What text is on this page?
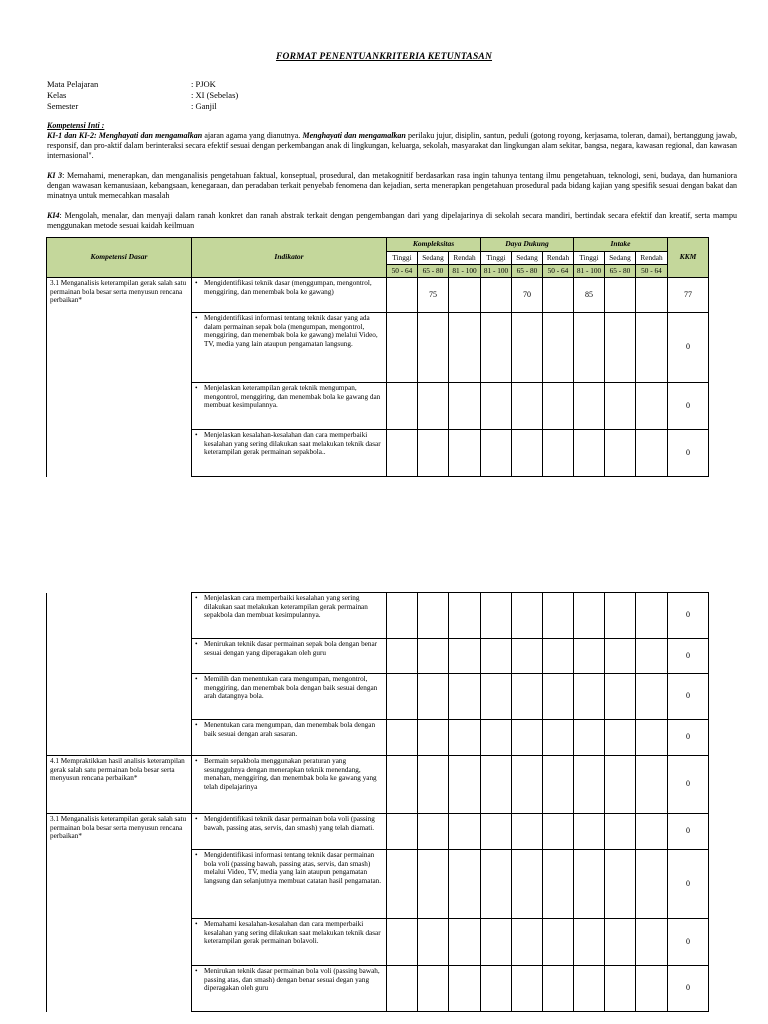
FORMAT PENENTUANKRITERIA KETUNTASAN
Mata Pelajaran	: PJOK
Kelas	: XI (Sebelas)
Semester	: Ganjil
Kompetensi Inti :
KI-1 dan KI-2: Menghayati dan mengamalkan ajaran agama yang dianutnya. Menghayati dan mengamalkan perilaku jujur, disiplin, santun, peduli (gotong royong, kerjasama, toleran, damai), bertanggung jawab, responsif, dan pro-aktif dalam berinteraksi secara efektif sesuai dengan perkembangan anak di lingkungan, keluarga, sekolah, masyarakat dan lingkungan alam sekitar, bangsa, negara, kawasan regional, dan kawasan internasional".
KI 3: Memahami, menerapkan, dan menganalisis pengetahuan faktual, konseptual, prosedural, dan metakognitif berdasarkan rasa ingin tahunya tentang ilmu pengetahuan, teknologi, seni, budaya, dan humaniora dengan wawasan kemanusiaan, kebangsaan, kenegaraan, dan peradaban terkait penyebab fenomena dan kejadian, serta menerapkan pengetahuan prosedural pada bidang kajian yang spesifik sesuai dengan bakat dan minatnya untuk memecahkan masalah
KI4: Mengolah, menalar, dan menyaji dalam ranah konkret dan ranah abstrak terkait dengan pengembangan dari yang dipelajarinya di sekolah secara mandiri, bertindak secara efektif dan kreatif, serta mampu menggunakan metode sesuai kaidah keilmuan
Kompetensi Dasar	Indikator	Kompleksitas			Daya Dukung			Intake			KKM
		Tinggi	Sedang	Rendah	Tinggi	Sedang	Rendah	Tinggi	Sedang	Rendah	
		50 - 64	65 - 80	81 - 100	81 - 100	65 - 80	50 - 64	81 - 100	65 - 80	50 - 64	
3.1 Menganalisis keterampilan gerak salah satu permainan bola besar serta menyusun rencana perbaikan*	• Mengidentifikasi teknik dasar (menggumpan, mengontrol, menggiring, dan menembak bola ke gawang)		75			70		85			77

	• Mengidentifikasi informasi tentang teknik dasar yang ada dalam permainan sepak bola (mengumpan, mengontrol, menggiring, dan menembak bola ke gawang) melalui Video, TV, media yang lain ataupun pengamatan langsung.										0

	• Menjelaskan keterampilan gerak teknik mengumpan, mengontrol, menggiring, dan menembak bola ke gawang dan membuat kesimpulannya.										0

	• Menjelaskan kesalahan-kesalahan dan cara memperbaiki kesalahan yang sering dilakukan saat melakukan teknik dasar keterampilan gerak permainan sepakbola..										0

	• Menjelaskan cara memperbaiki kesalahan yang sering dilakukan saat melakukan keterampilan gerak permainan sepakbola dan membuat kesimpulannya.										0

	• Menirukan teknik dasar permainan sepak bola dengan benar sesuai dengan yang diperagakan oleh guru										0

	• Memilih dan menentukan cara mengumpan, mengontrol, menggiring, dan menembak bola dengan baik sesuai dengan arah datangnya bola.										0

	• Menentukan cara mengumpan, dan menembak bola dengan baik sesuai dengan arah sasaran.										0
4.1 Mempraktikkan hasil analisis keterampilan gerak salah satu permainan bola besar serta menyusun rencana perbaikan*	• Bermain sepakbola menggunakan peraturan yang sesungguhnya dengan menerapkan teknik menendang, menahan, menggiring, dan menembak bola ke gawang yang telah dipelajarinya										0
3.1 Menganalisis keterampilan gerak salah satu permainan bola besar serta menyusun rencana perbaikan*	• Mengidentifikasi teknik dasar permainan bola voli (passing bawah, passing atas, servis, dan smash) yang telah diamati.										0

	• Mengidentifikasi informasi tentang teknik dasar permainan bola voli (passing bawah, passing atas, servis, dan smash) melalui Video, TV, media yang lain ataupun pengamatan langsung dan selanjutnya membuat catatan hasil pengamatan.										0

	• Memahami kesalahan-kesalahan dan cara memperbaiki kesalahan yang sering dilakukan saat melakukan teknik dasar keterampilan gerak permainan bolavoli.										0

	• Menirukan teknik dasar permainan bola voli (passing bawah, passing atas, dan smash) dengan benar sesuai degan yang diperagakan oleh guru										0
